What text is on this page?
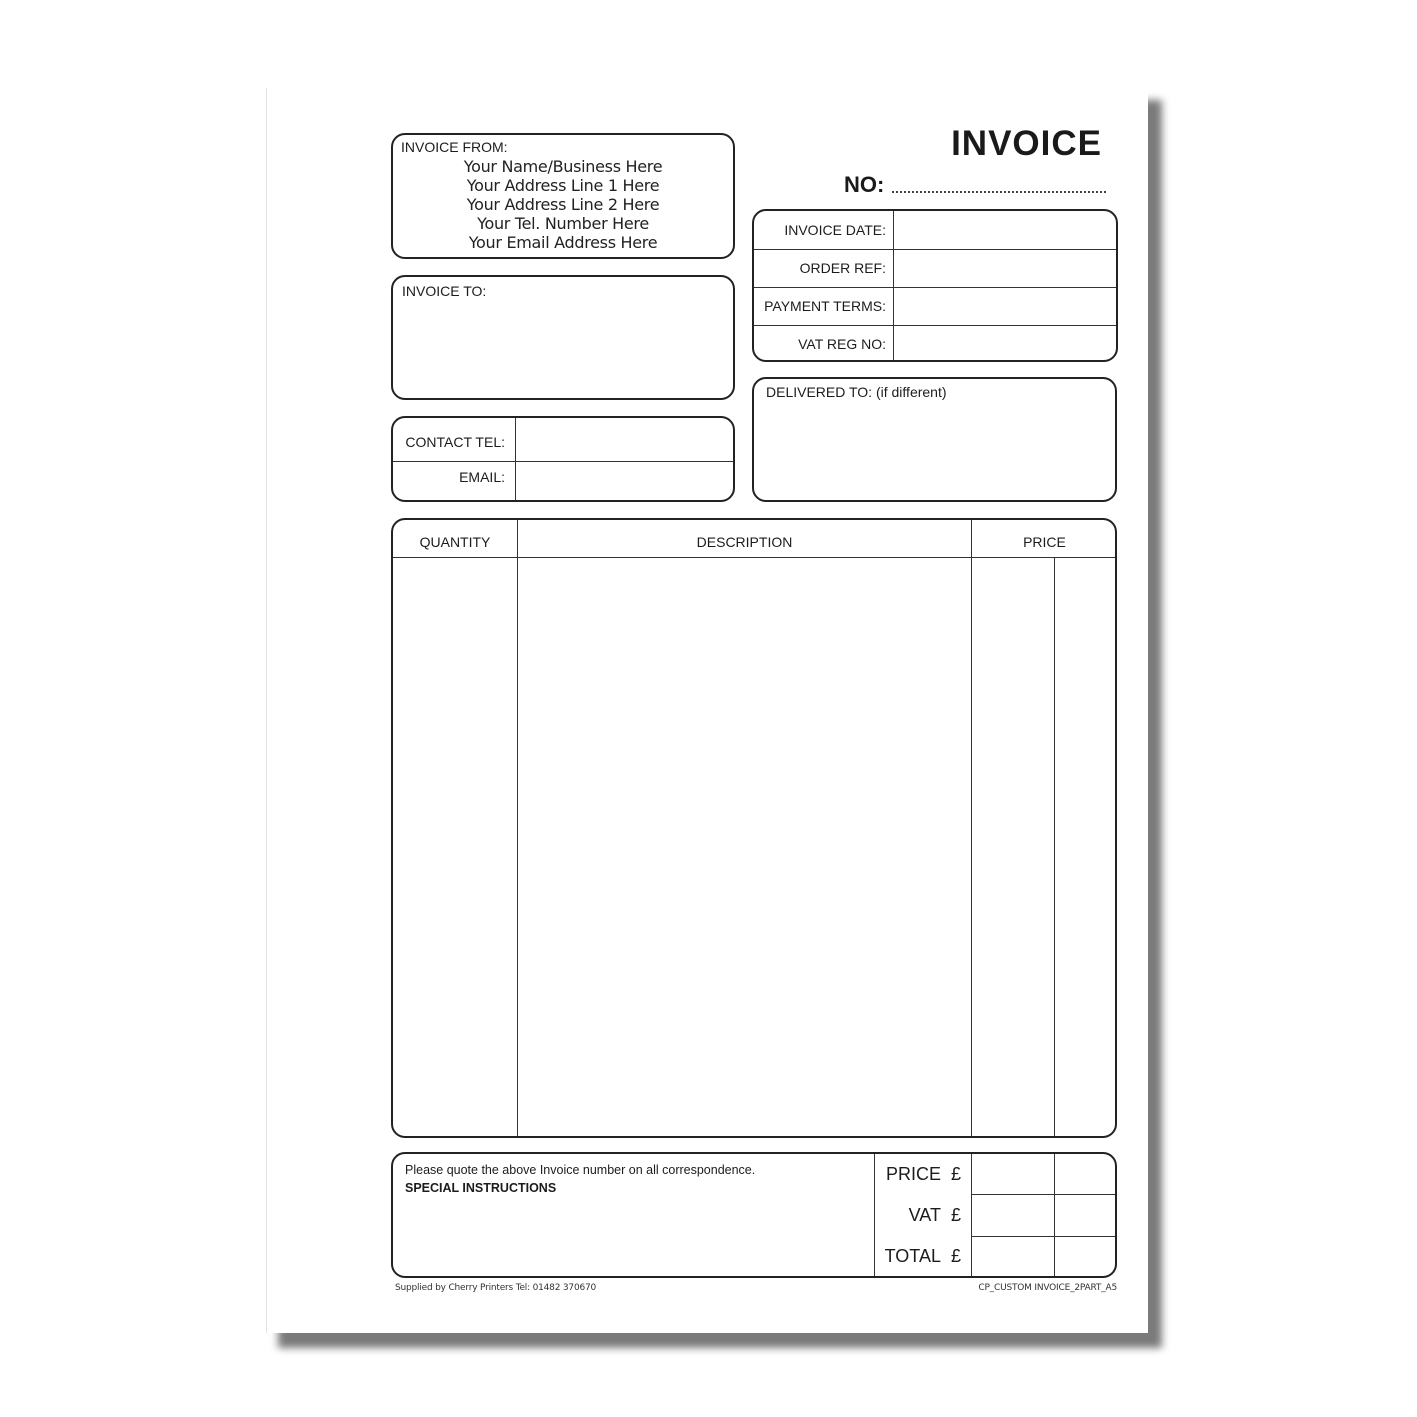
INVOICE FROM:
Your Name/Business Here
Your Address Line 1 Here
Your Address Line 2 Here
Your Tel. Number Here
Your Email Address Here
INVOICE TO:
CONTACT TEL:
EMAIL:
INVOICE
NO:
INVOICE DATE:
ORDER REF:
PAYMENT TERMS:
VAT REG NO:
DELIVERED TO: (if different)
QUANTITY	DESCRIPTION	PRICE
Please quote the above Invoice number on all correspondence.
SPECIAL INSTRUCTIONS
PRICE £
VAT £
TOTAL £
Supplied by Cherry Printers Tel: 01482 370670	CP_CUSTOM INVOICE_2PART_A5
